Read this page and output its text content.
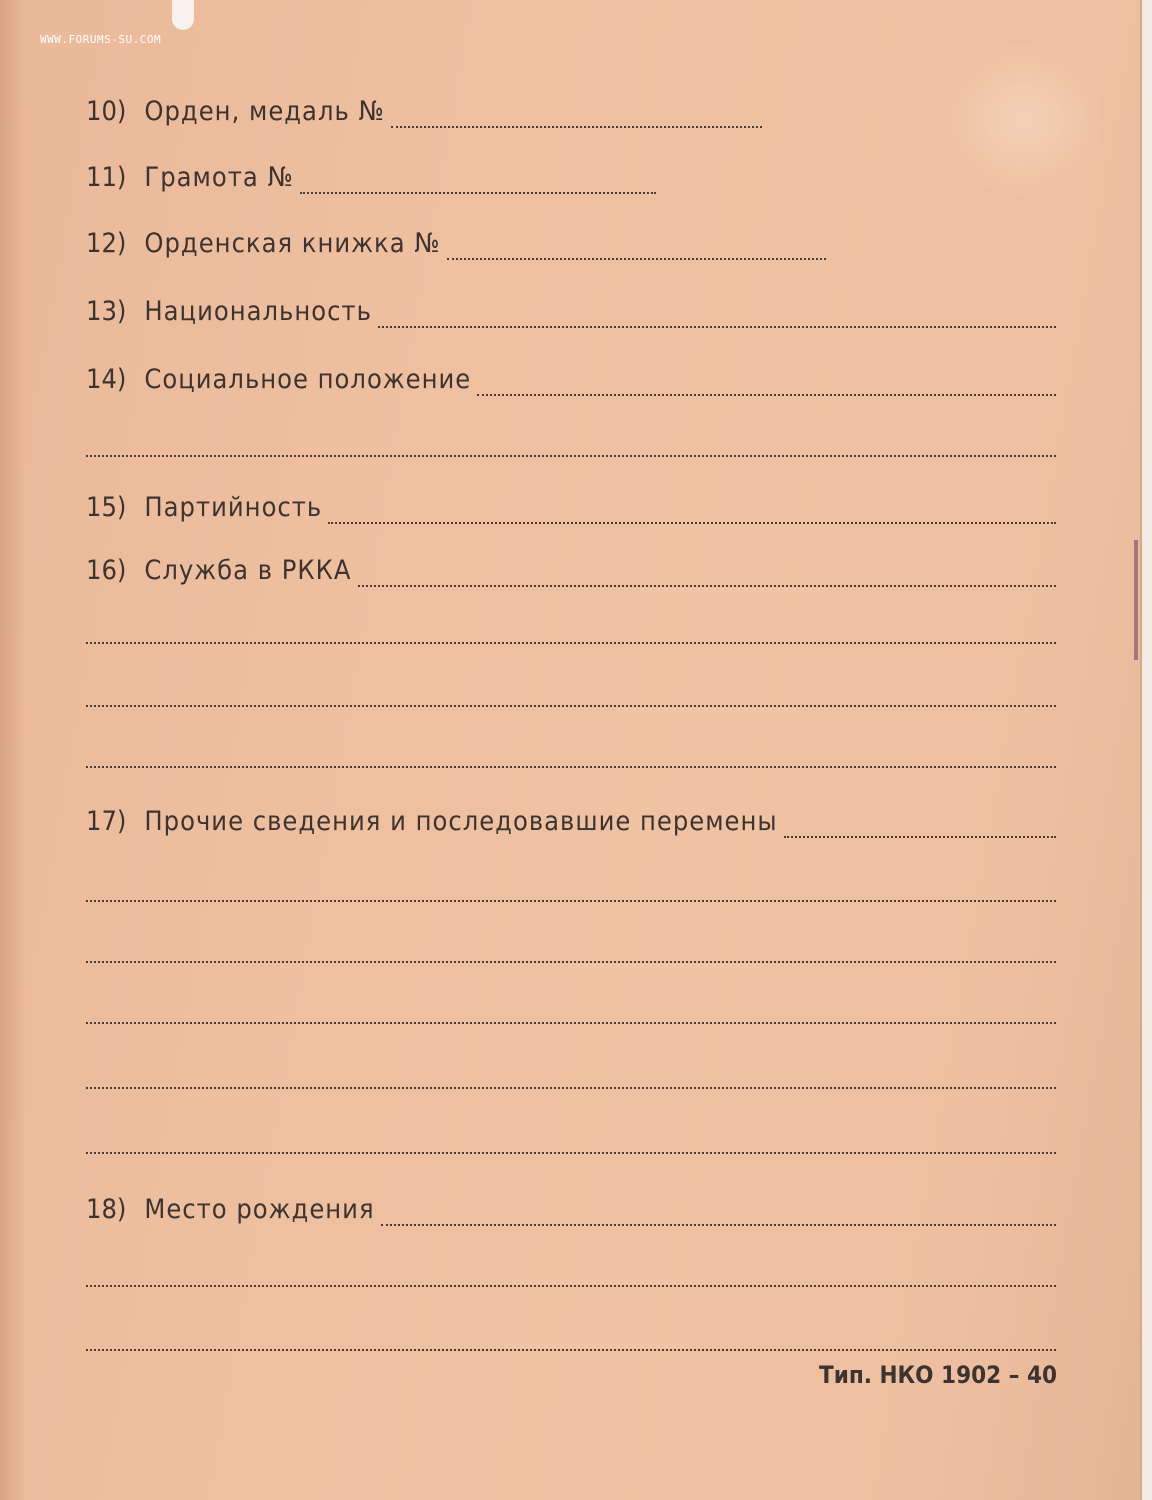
WWW.FORUMS-SU.COM
10) Орден, медаль №
11) Грамота №
12) Орденская книжка №
13) Национальность
14) Социальное положение
15) Партийность
16) Служба в РККА
17) Прочие сведения и последовавшие перемены
18) Место рождения
Тип. НКО 1902 – 40
